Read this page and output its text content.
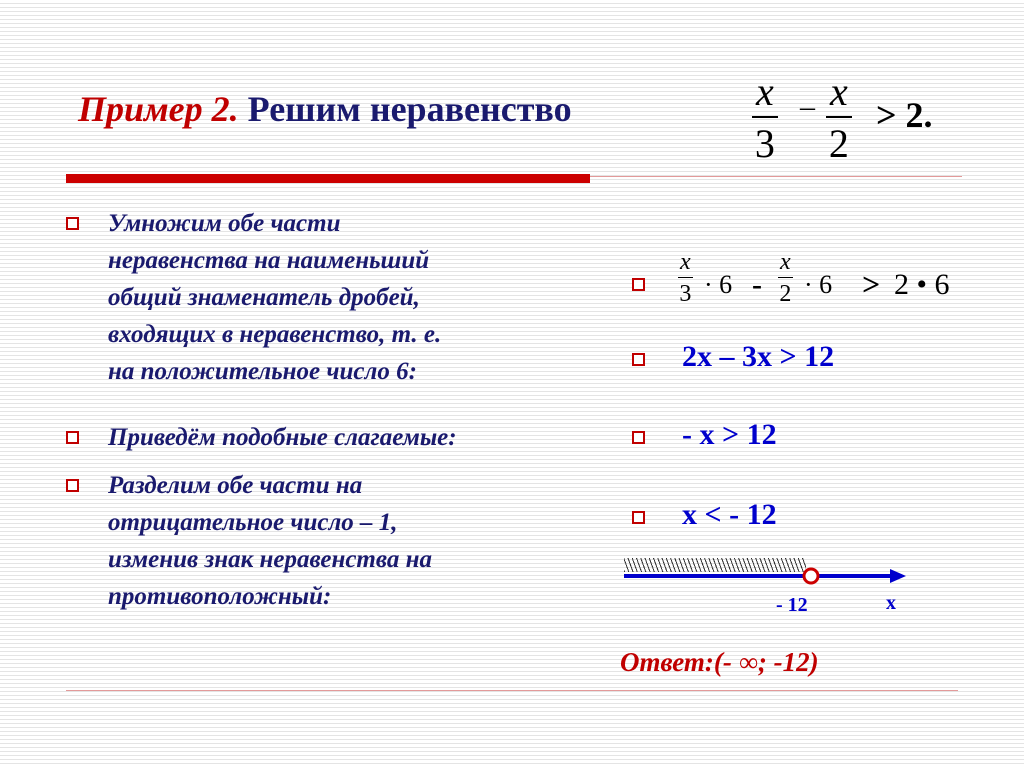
Пример 2. Решим неравенство	x
3
– x
2
> 2.
Умножим обе части
неравенства на наименьший
общий знаменатель дробей,
входящих в неравенство, т. е.
на положительное число 6:
Приведём подобные слагаемые:
Разделим обе части на
отрицательное число – 1,
изменив знак неравенства на
противоположный:
x
3 · 6 -
x
2 · 6 > 2 • 6
2x – 3x > 12
- x > 12
x < - 12
- 12	x
Ответ:(- ∞; -12)
